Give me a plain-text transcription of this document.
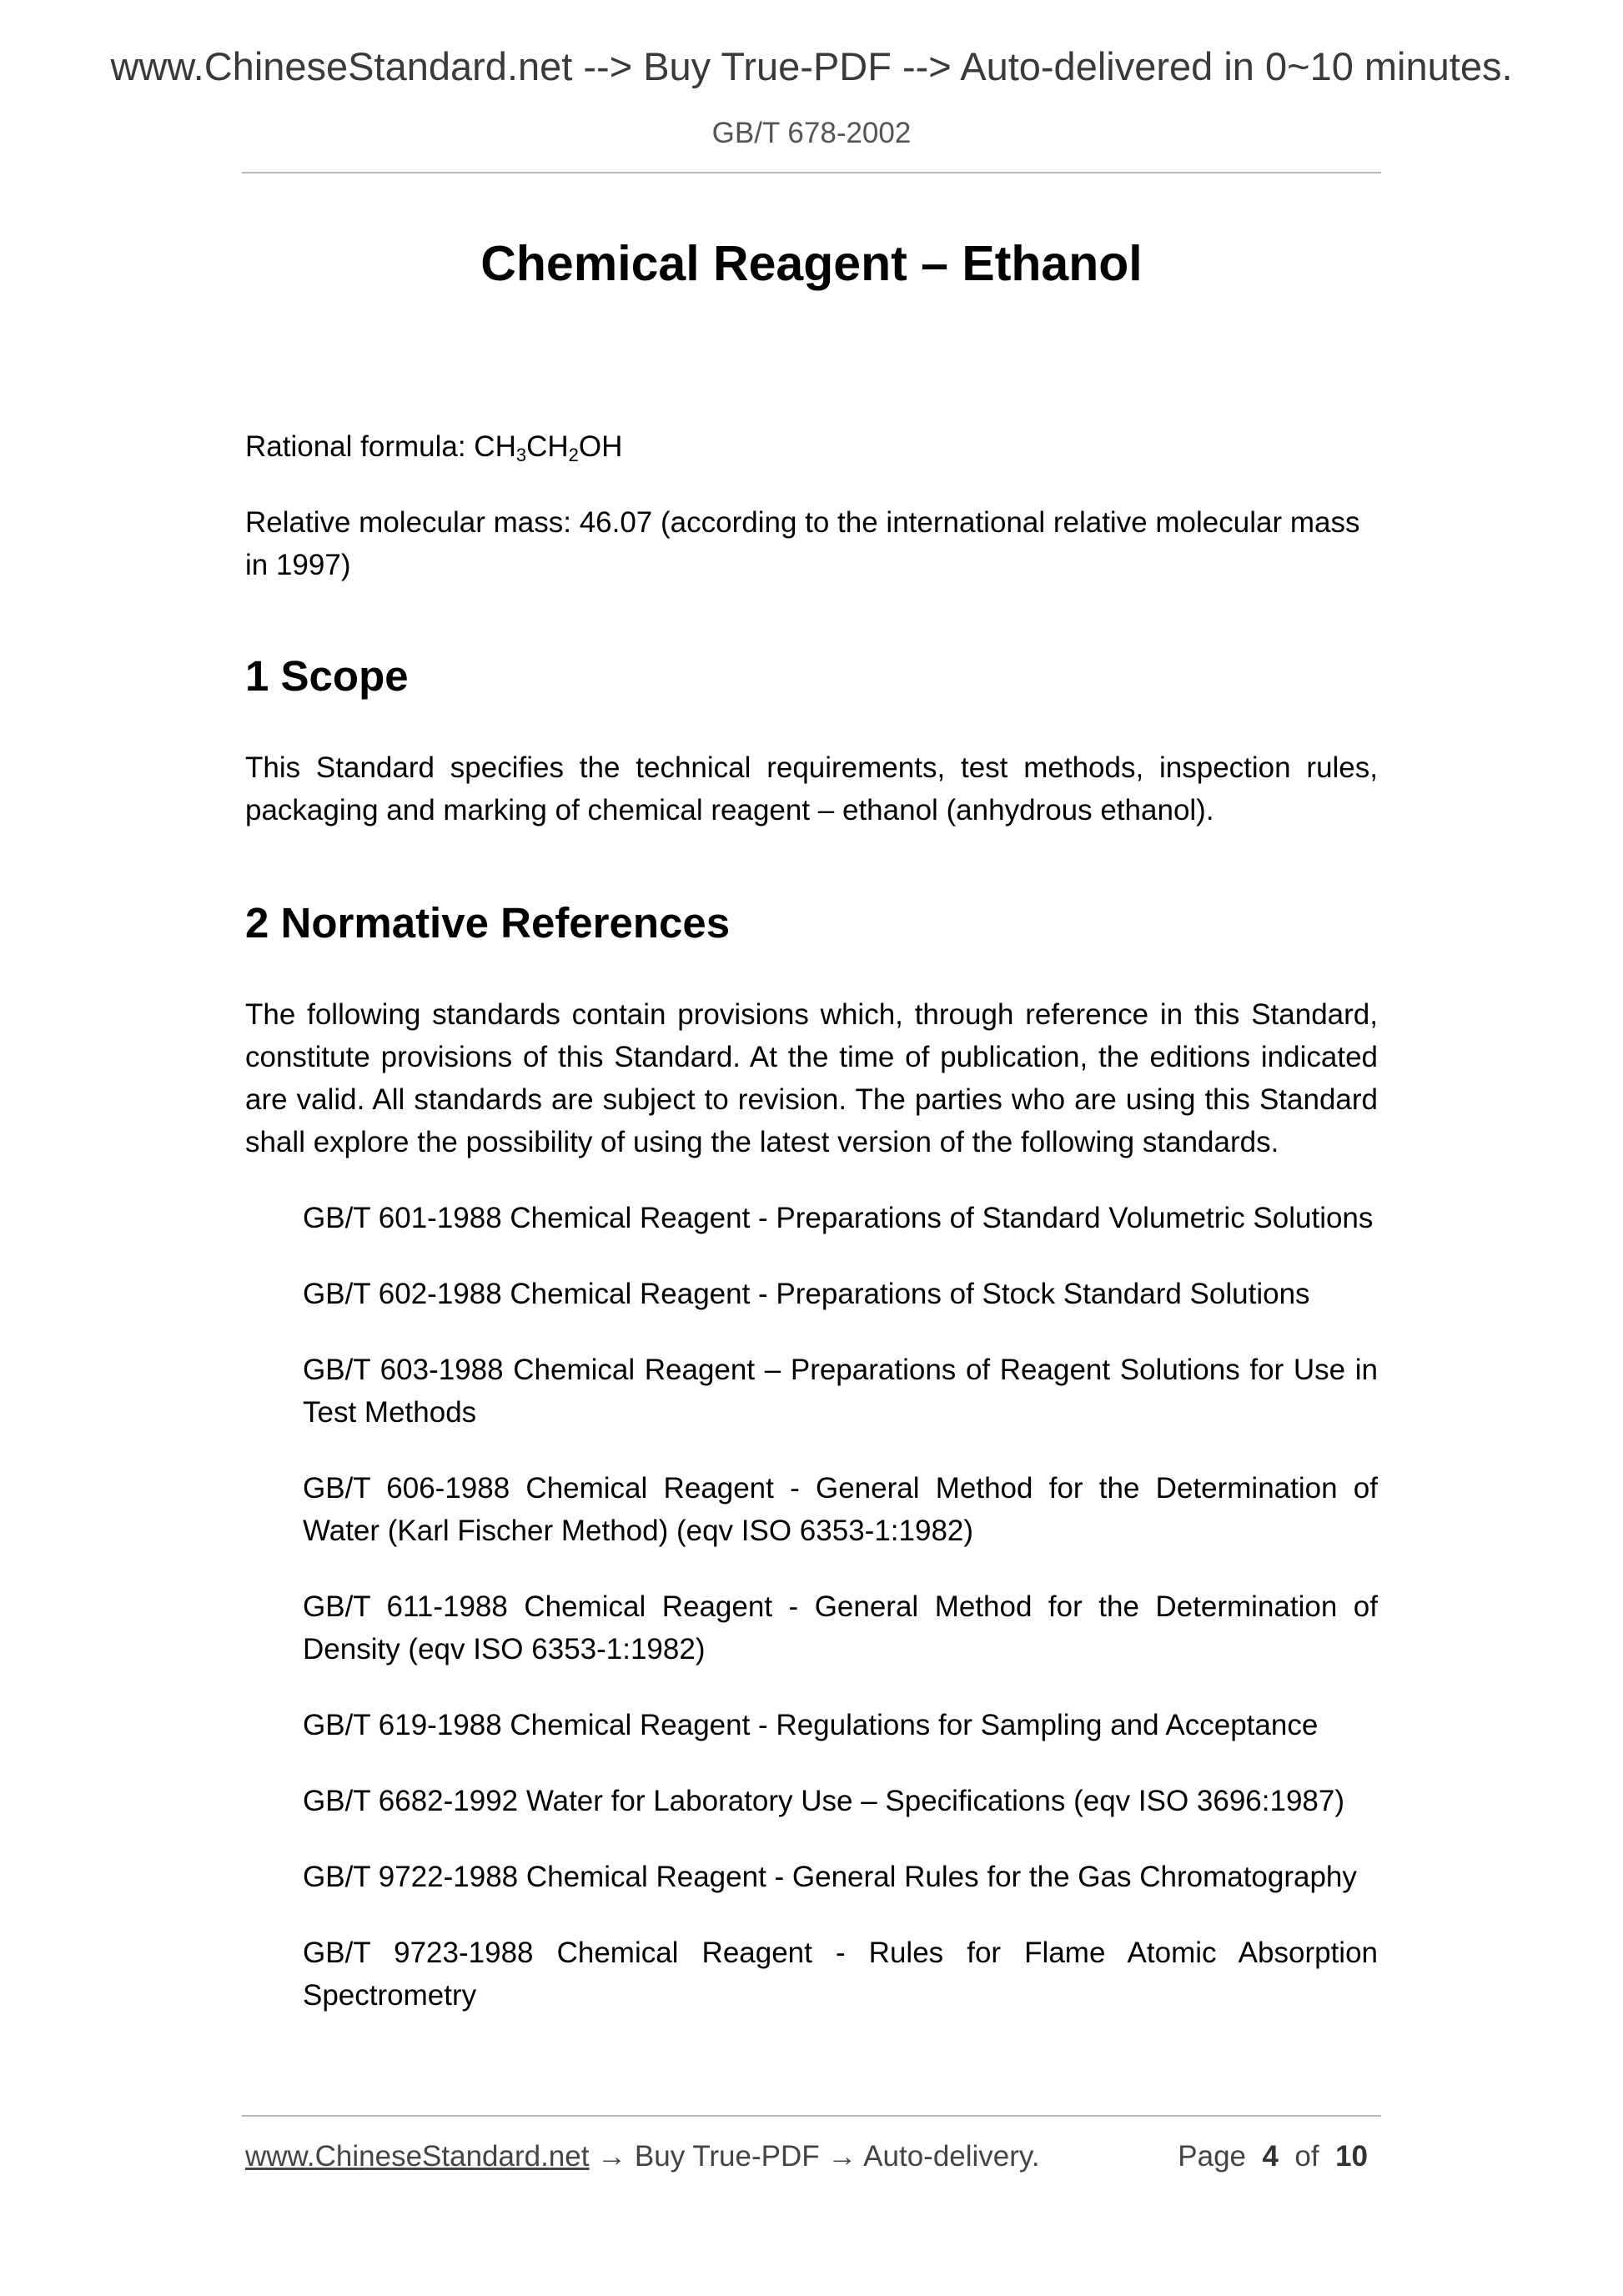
www.ChineseStandard.net --> Buy True-PDF --> Auto-delivered in 0~10 minutes.
GB/T 678-2002
Chemical Reagent – Ethanol

Rational formula: $CH_3CH_2OH$

Relative molecular mass: 46.07 (according to the international relative molecular mass in 1997)

1 Scope

This Standard specifies the technical requirements, test methods, inspection rules, packaging and marking of chemical reagent – ethanol (anhydrous ethanol).

2 Normative References

The following standards contain provisions which, through reference in this Standard, constitute provisions of this Standard. At the time of publication, the editions indicated are valid. All standards are subject to revision. The parties who are using this Standard shall explore the possibility of using the latest version of the following standards.

GB/T 601-1988 Chemical Reagent - Preparations of Standard Volumetric Solutions
GB/T 602-1988 Chemical Reagent - Preparations of Stock Standard Solutions
GB/T 603-1988 Chemical Reagent – Preparations of Reagent Solutions for Use in Test Methods
GB/T 606-1988 Chemical Reagent - General Method for the Determination of Water (Karl Fischer Method) (eqv ISO 6353-1:1982)
GB/T 611-1988 Chemical Reagent - General Method for the Determination of Density (eqv ISO 6353-1:1982)
GB/T 619-1988 Chemical Reagent - Regulations for Sampling and Acceptance
GB/T 6682-1992 Water for Laboratory Use – Specifications (eqv ISO 3696:1987)
GB/T 9722-1988 Chemical Reagent - General Rules for the Gas Chromatography
GB/T 9723-1988 Chemical Reagent - Rules for Flame Atomic Absorption Spectrometry
www.ChineseStandard.net → Buy True-PDF → Auto-delivery.	Page 4 of 10
